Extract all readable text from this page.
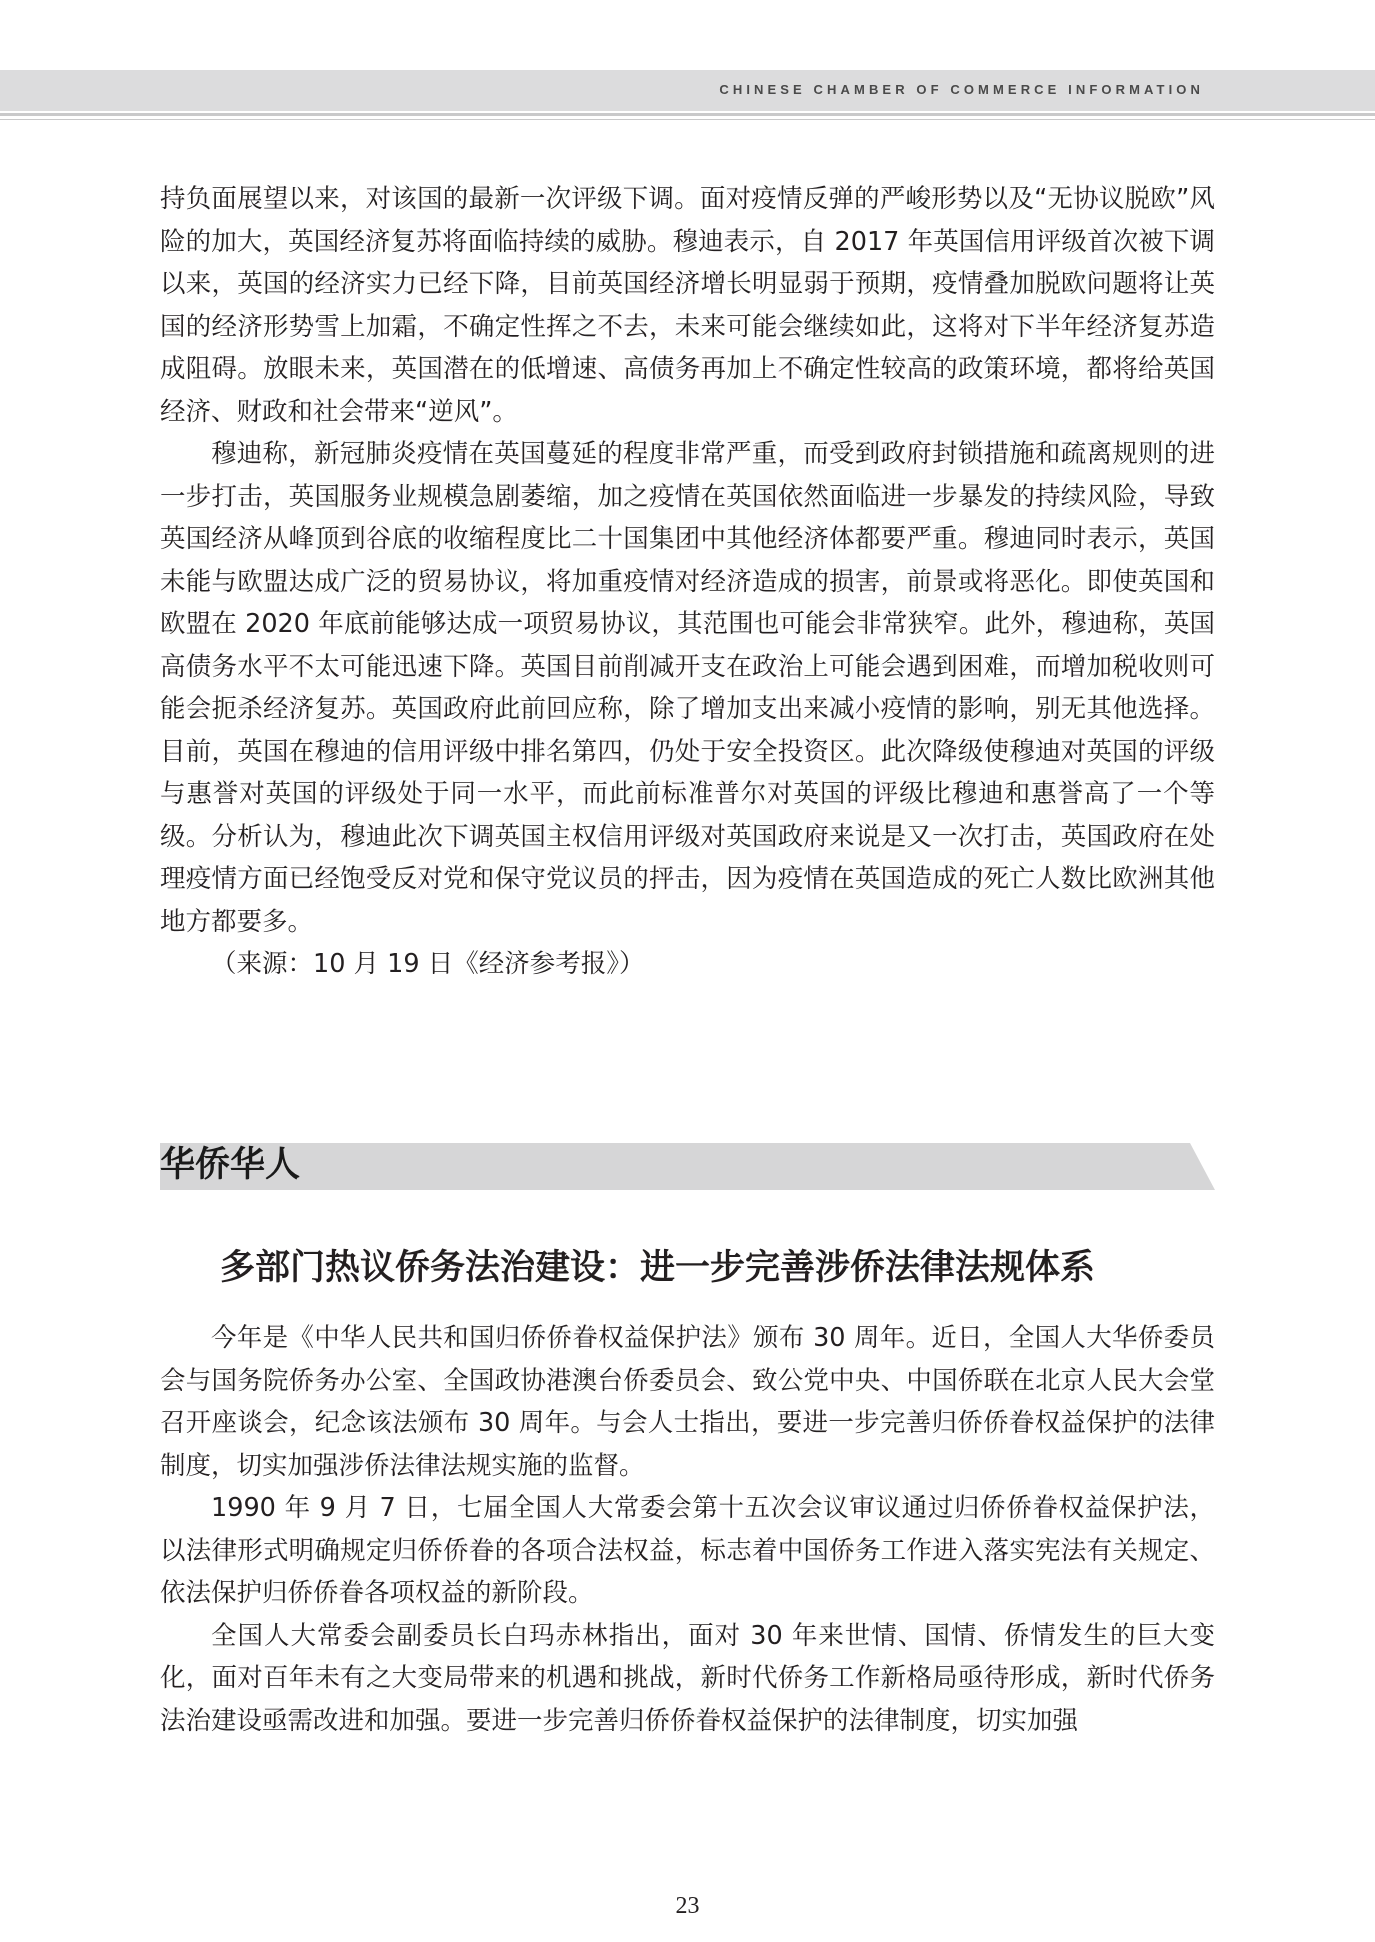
CHINESE CHAMBER OF COMMERCE INFORMATION

持负面展望以来，对该国的最新一次评级下调。面对疫情反弹的严峻形势以及“无协议脱欧”风险的加大，英国经济复苏将面临持续的威胁。穆迪表示，自 2017 年英国信用评级首次被下调以来，英国的经济实力已经下降，目前英国经济增长明显弱于预期，疫情叠加脱欧问题将让英国的经济形势雪上加霜，不确定性挥之不去，未来可能会继续如此，这将对下半年经济复苏造成阻碍。放眼未来，英国潜在的低增速、高债务再加上不确定性较高的政策环境，都将给英国经济、财政和社会带来“逆风”。

穆迪称，新冠肺炎疫情在英国蔓延的程度非常严重，而受到政府封锁措施和疏离规则的进一步打击，英国服务业规模急剧萎缩，加之疫情在英国依然面临进一步暴发的持续风险，导致英国经济从峰顶到谷底的收缩程度比二十国集团中其他经济体都要严重。穆迪同时表示，英国未能与欧盟达成广泛的贸易协议，将加重疫情对经济造成的损害，前景或将恶化。即使英国和欧盟在 2020 年底前能够达成一项贸易协议，其范围也可能会非常狭窄。此外，穆迪称，英国高债务水平不太可能迅速下降。英国目前削减开支在政治上可能会遇到困难，而增加税收则可能会扼杀经济复苏。英国政府此前回应称，除了增加支出来减小疫情的影响，别无其他选择。目前，英国在穆迪的信用评级中排名第四，仍处于安全投资区。此次降级使穆迪对英国的评级与惠誉对英国的评级处于同一水平，而此前标准普尔对英国的评级比穆迪和惠誉高了一个等级。分析认为，穆迪此次下调英国主权信用评级对英国政府来说是又一次打击，英国政府在处理疫情方面已经饱受反对党和保守党议员的抨击，因为疫情在英国造成的死亡人数比欧洲其他地方都要多。
（来源：10 月 19 日《经济参考报》）

华侨华人
多部门热议侨务法治建设：进一步完善涉侨法律法规体系

今年是《中华人民共和国归侨侨眷权益保护法》颁布 30 周年。近日，全国人大华侨委员会与国务院侨务办公室、全国政协港澳台侨委员会、致公党中央、中国侨联在北京人民大会堂召开座谈会，纪念该法颁布 30 周年。与会人士指出，要进一步完善归侨侨眷权益保护的法律制度，切实加强涉侨法律法规实施的监督。

1990 年 9 月 7 日，七届全国人大常委会第十五次会议审议通过归侨侨眷权益保护法，以法律形式明确规定归侨侨眷的各项合法权益，标志着中国侨务工作进入落实宪法有关规定、依法保护归侨侨眷各项权益的新阶段。

全国人大常委会副委员长白玛赤林指出，面对 30 年来世情、国情、侨情发生的巨大变化，面对百年未有之大变局带来的机遇和挑战，新时代侨务工作新格局亟待形成，新时代侨务法治建设亟需改进和加强。要进一步完善归侨侨眷权益保护的法律制度，切实加强

23
